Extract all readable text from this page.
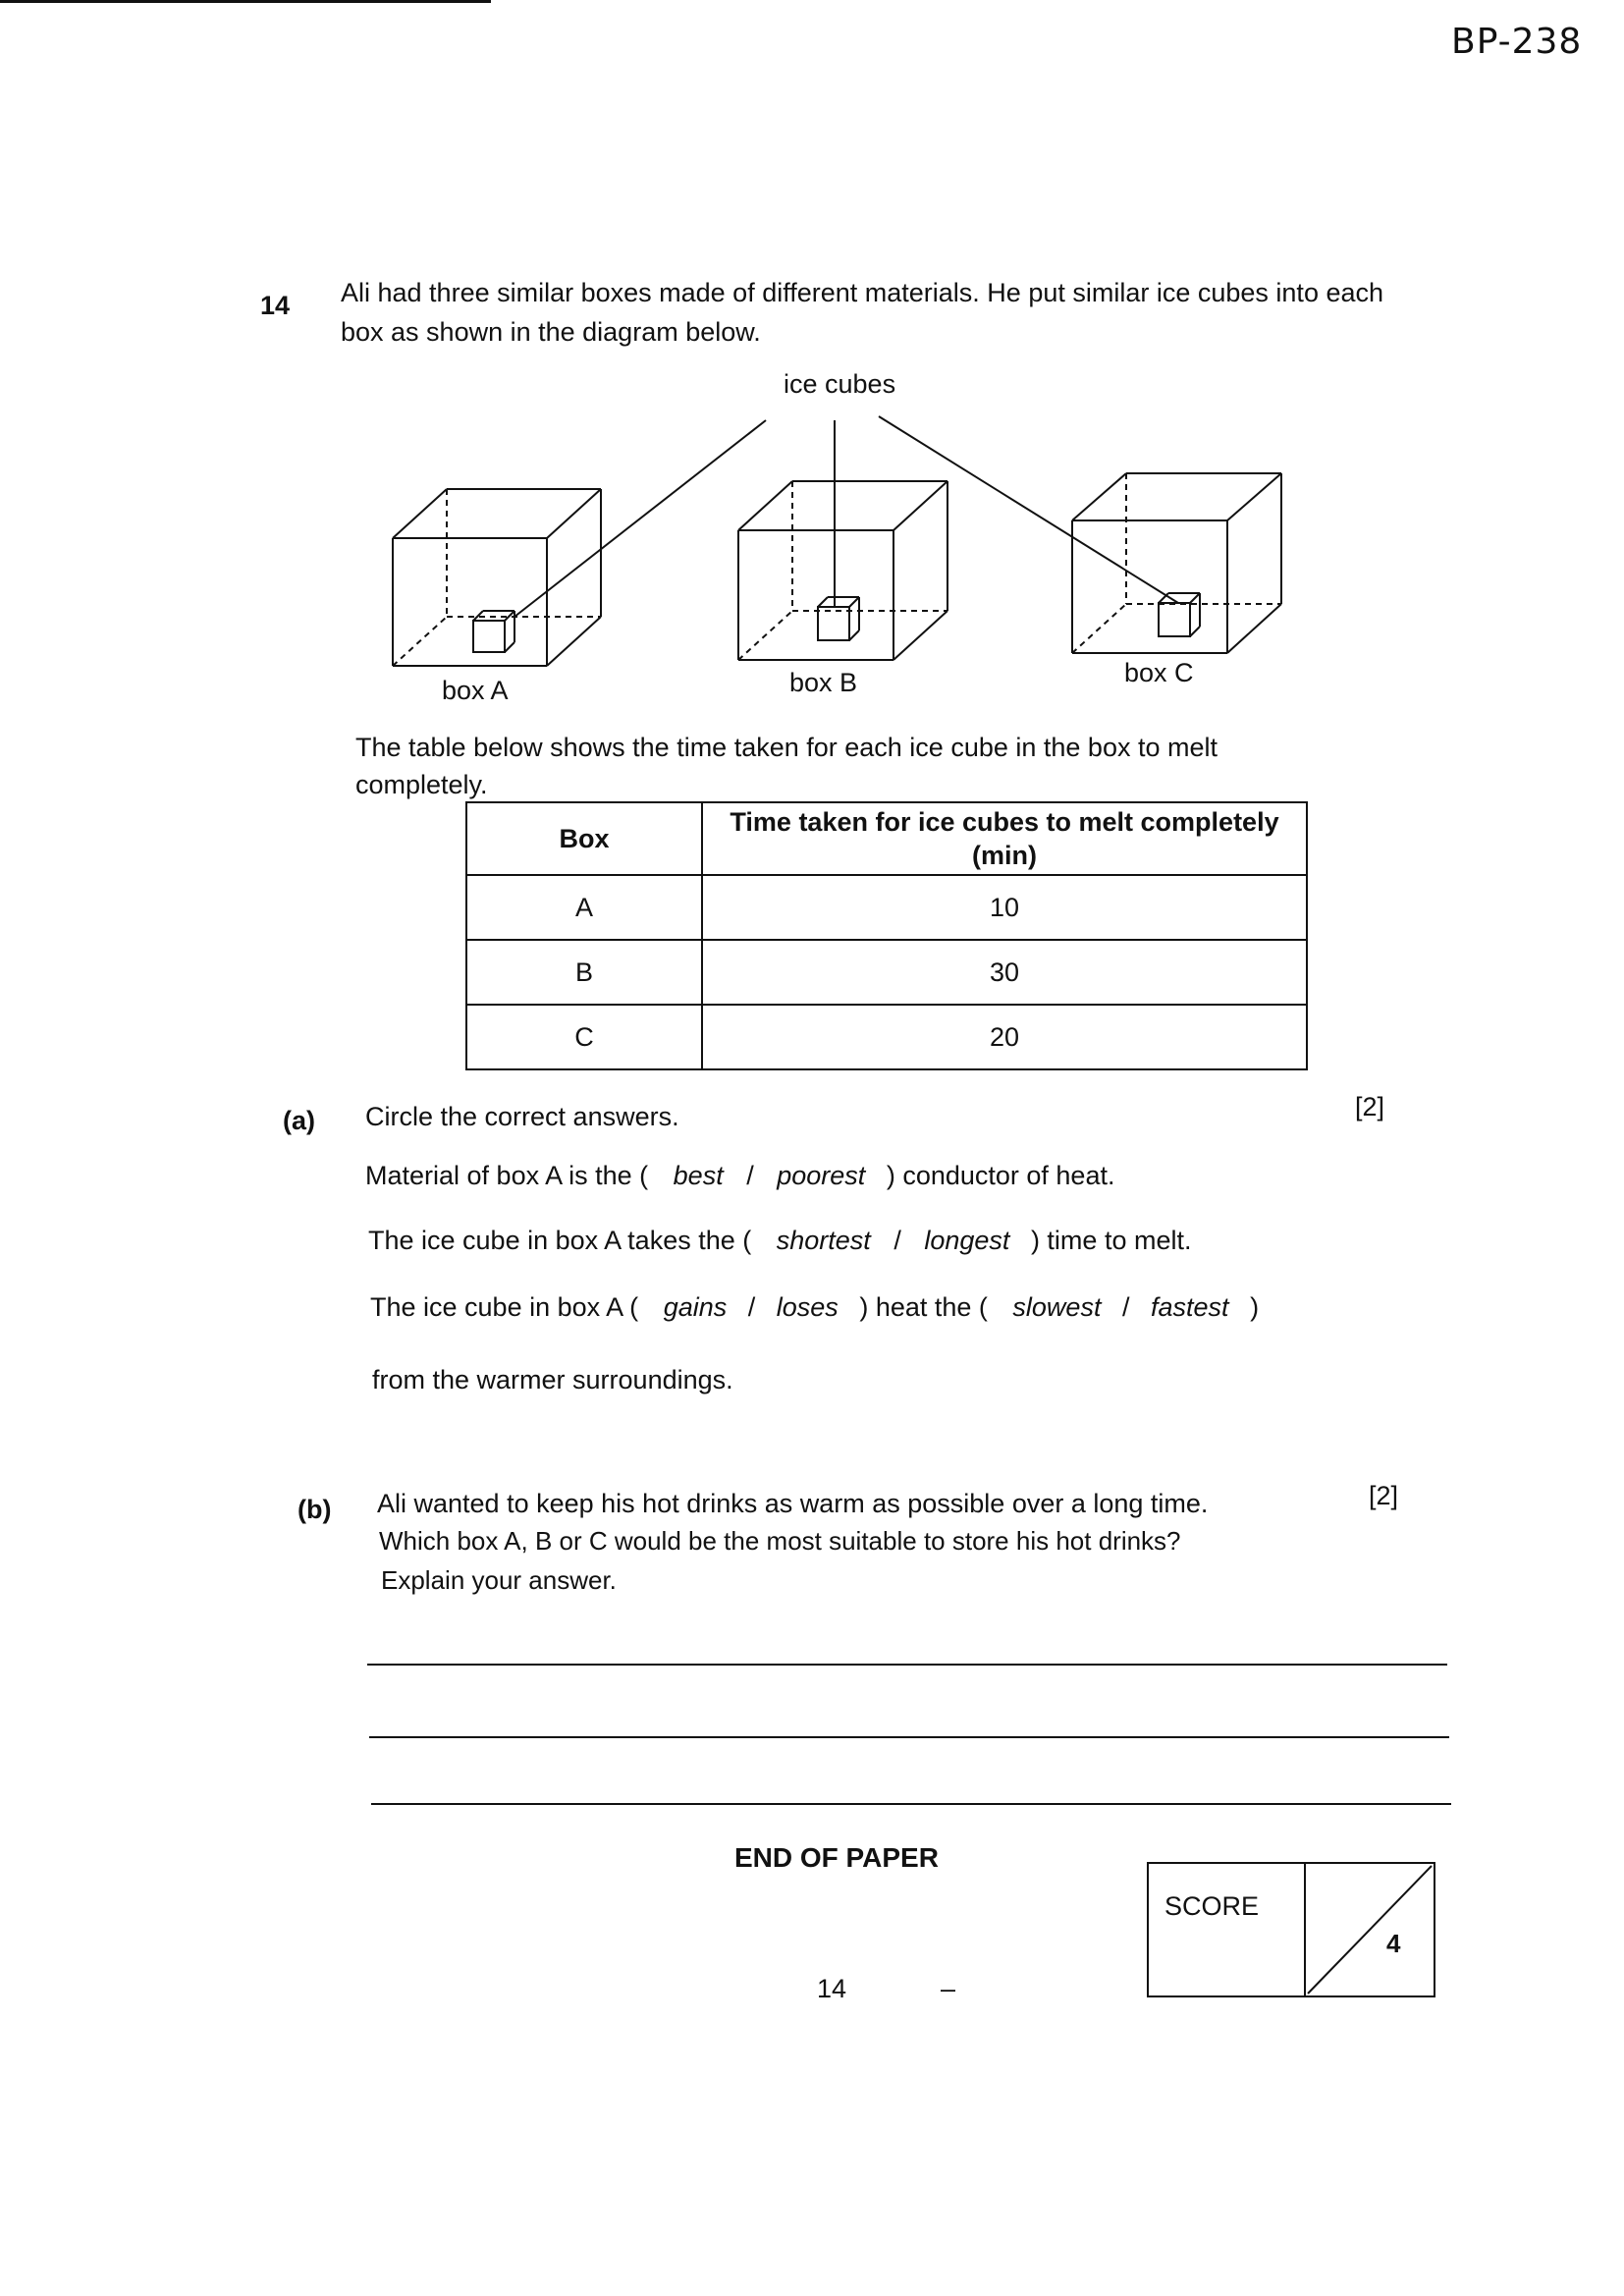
BP-238
14 Ali had three similar boxes made of different materials. He put similar ice cubes into each box as shown in the diagram below.
ice cubes
box A	box B	box C
The table below shows the time taken for each ice cube in the box to melt completely.
Box	Time taken for ice cubes to melt completely (min)
A	10
B	30
C	20
(a) Circle the correct answers.	[2]
Material of box A is the ( best / poorest ) conductor of heat.
The ice cube in box A takes the ( shortest / longest ) time to melt.
The ice cube in box A ( gains / loses ) heat the ( slowest / fastest )
from the warmer surroundings.
(b) Ali wanted to keep his hot drinks as warm as possible over a long time.	[2]
Which box A, B or C would be the most suitable to store his hot drinks?
Explain your answer.
END OF PAPER
SCORE
4
14	–
